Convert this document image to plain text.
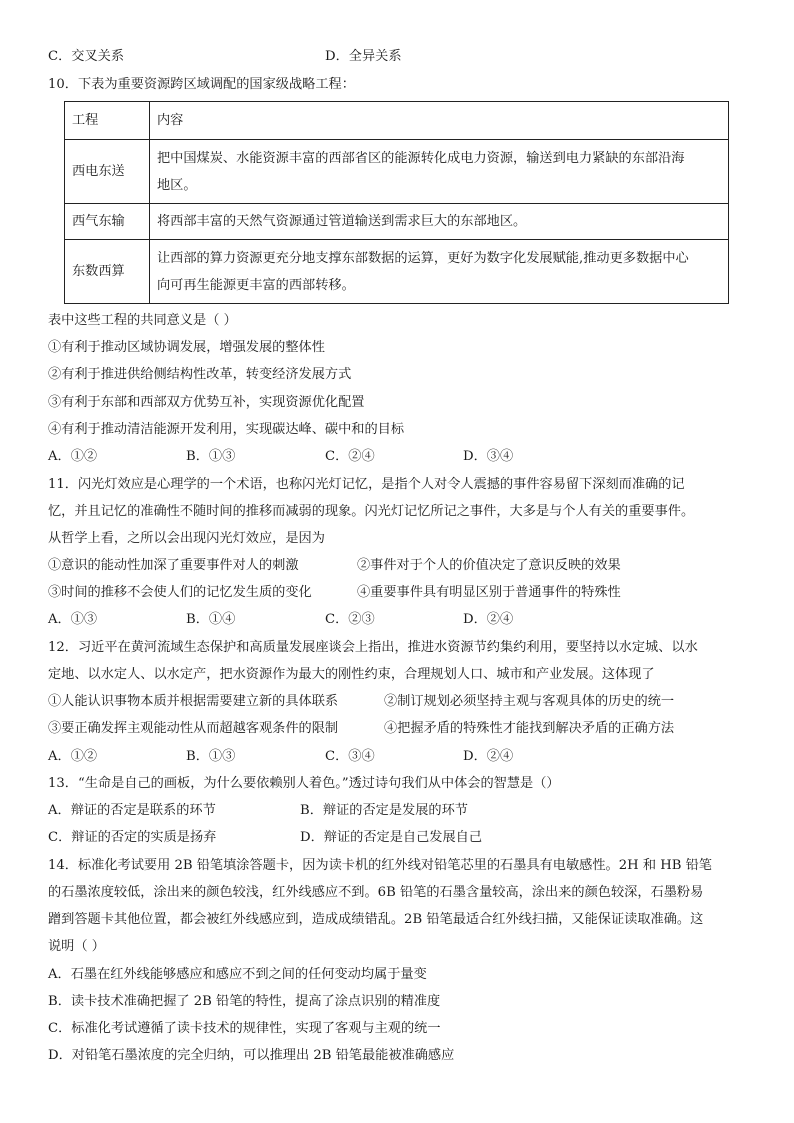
C．交叉关系	D．全异关系
10．下表为重要资源跨区域调配的国家级战略工程：
工程	内容
西电东送	把中国煤炭、水能资源丰富的西部省区的能源转化成电力资源，输送到电力紧缺的东部沿海
地区。

西气东输	将西部丰富的天然气资源通过管道输送到需求巨大的东部地区。

东数西算	让西部的算力资源更充分地支撑东部数据的运算，更好为数字化发展赋能,推动更多数据中心
向可再生能源更丰富的西部转移。
表中这些工程的共同意义是（ ）
①有利于推动区域协调发展，增强发展的整体性
②有利于推进供给侧结构性改革，转变经济发展方式
③有利于东部和西部双方优势互补，实现资源优化配置
④有利于推动清洁能源开发利用，实现碳达峰、碳中和的目标
A．①②	B．①③	C．②④	D．③④
11．闪光灯效应是心理学的一个术语，也称闪光灯记忆，是指个人对令人震撼的事件容易留下深刻而准确的记
忆，并且记忆的准确性不随时间的推移而减弱的现象。闪光灯记忆所记之事件，大多是与个人有关的重要事件。
从哲学上看，之所以会出现闪光灯效应，是因为
①意识的能动性加深了重要事件对人的刺激	②事件对于个人的价值决定了意识反映的效果
③时间的推移不会使人们的记忆发生质的变化	④重要事件具有明显区别于普通事件的特殊性
A．①③	B．①④	C．②③	D．②④
12．习近平在黄河流域生态保护和高质量发展座谈会上指出，推进水资源节约集约利用，要坚持以水定城、以水
定地、以水定人、以水定产，把水资源作为最大的刚性约束，合理规划人口、城市和产业发展。这体现了
①人能认识事物本质并根据需要建立新的具体联系	②制订规划必须坚持主观与客观具体的历史的统一
③要正确发挥主观能动性从而超越客观条件的限制	④把握矛盾的特殊性才能找到解决矛盾的正确方法
A．①②	B．①③	C．③④	D．②④
13．“生命是自己的画板，为什么要依赖别人着色。”透过诗句我们从中体会的智慧是（）
A．辩证的否定是联系的环节	B．辩证的否定是发展的环节
C．辩证的否定的实质是扬弃	D．辩证的否定是自己发展自己
14．标准化考试要用 2B 铅笔填涂答题卡，因为读卡机的红外线对铅笔芯里的石墨具有电敏感性。2H 和 HB 铅笔
的石墨浓度较低，涂出来的颜色较浅，红外线感应不到。6B 铅笔的石墨含量较高，涂出来的颜色较深，石墨粉易
蹭到答题卡其他位置，都会被红外线感应到，造成成绩错乱。2B 铅笔最适合红外线扫描，又能保证读取准确。这
说明（ ）
A．石墨在红外线能够感应和感应不到之间的任何变动均属于量变
B．读卡技术准确把握了 2B 铅笔的特性，提高了涂点识别的精准度
C．标准化考试遵循了读卡技术的规律性，实现了客观与主观的统一
D．对铅笔石墨浓度的完全归纳，可以推理出 2B 铅笔最能被准确感应
